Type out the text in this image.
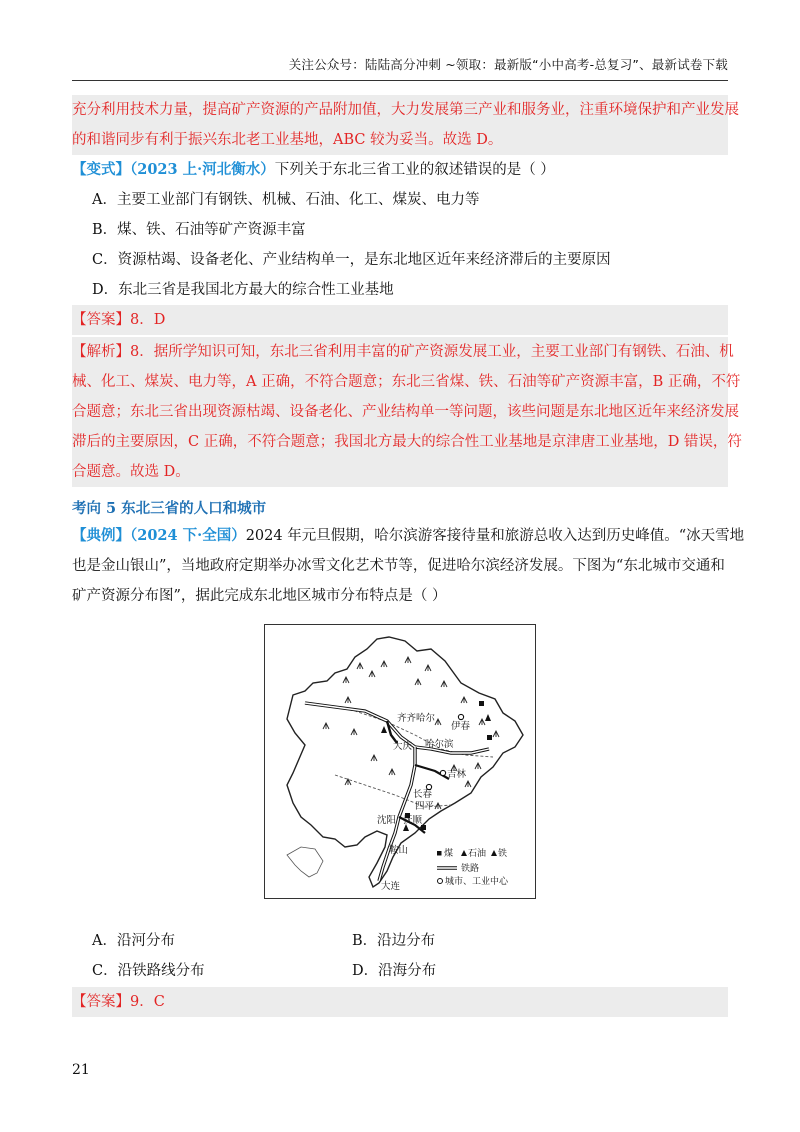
关注公众号：陆陆高分冲刺 ~领取：最新版“小中高考-总复习”、最新试卷下载
充分利用技术力量，提高矿产资源的产品附加值，大力发展第三产业和服务业，注重环境保护和产业发展
的和谐同步有利于振兴东北老工业基地，ABC 较为妥当。故选 D。
【变式】（2023 上·河北衡水）下列关于东北三省工业的叙述错误的是（ ）
A．主要工业部门有钢铁、机械、石油、化工、煤炭、电力等
B．煤、铁、石油等矿产资源丰富
C．资源枯竭、设备老化、产业结构单一，是东北地区近年来经济滞后的主要原因
D．东北三省是我国北方最大的综合性工业基地
【答案】8．D
【解析】8．据所学知识可知，东北三省利用丰富的矿产资源发展工业，主要工业部门有钢铁、石油、机
械、化工、煤炭、电力等，A 正确，不符合题意；东北三省煤、铁、石油等矿产资源丰富，B 正确，不符
合题意；东北三省出现资源枯竭、设备老化、产业结构单一等问题，该些问题是东北地区近年来经济发展
滞后的主要原因，C 正确，不符合题意；我国北方最大的综合性工业基地是京津唐工业基地，D 错误，符
合题意。故选 D。
考向 5 东北三省的人口和城市
【典例】（2024 下·全国）2024 年元旦假期，哈尔滨游客接待量和旅游总收入达到历史峰值。“冰天雪地
也是金山银山”，当地政府定期举办冰雪文化艺术节等，促进哈尔滨经济发展。下图为“东北城市交通和
矿产资源分布图”，据此完成东北地区城市分布特点是（ ）
齐齐哈尔
伊春
大庆 哈尔滨
吉林
长春
四平
沈阳 抚顺
鞍山
大连
煤 石油 铁
铁路
城市、工业中心
A．沿河分布	B．沿边分布
C．沿铁路线分布	D．沿海分布
【答案】9．C
21
